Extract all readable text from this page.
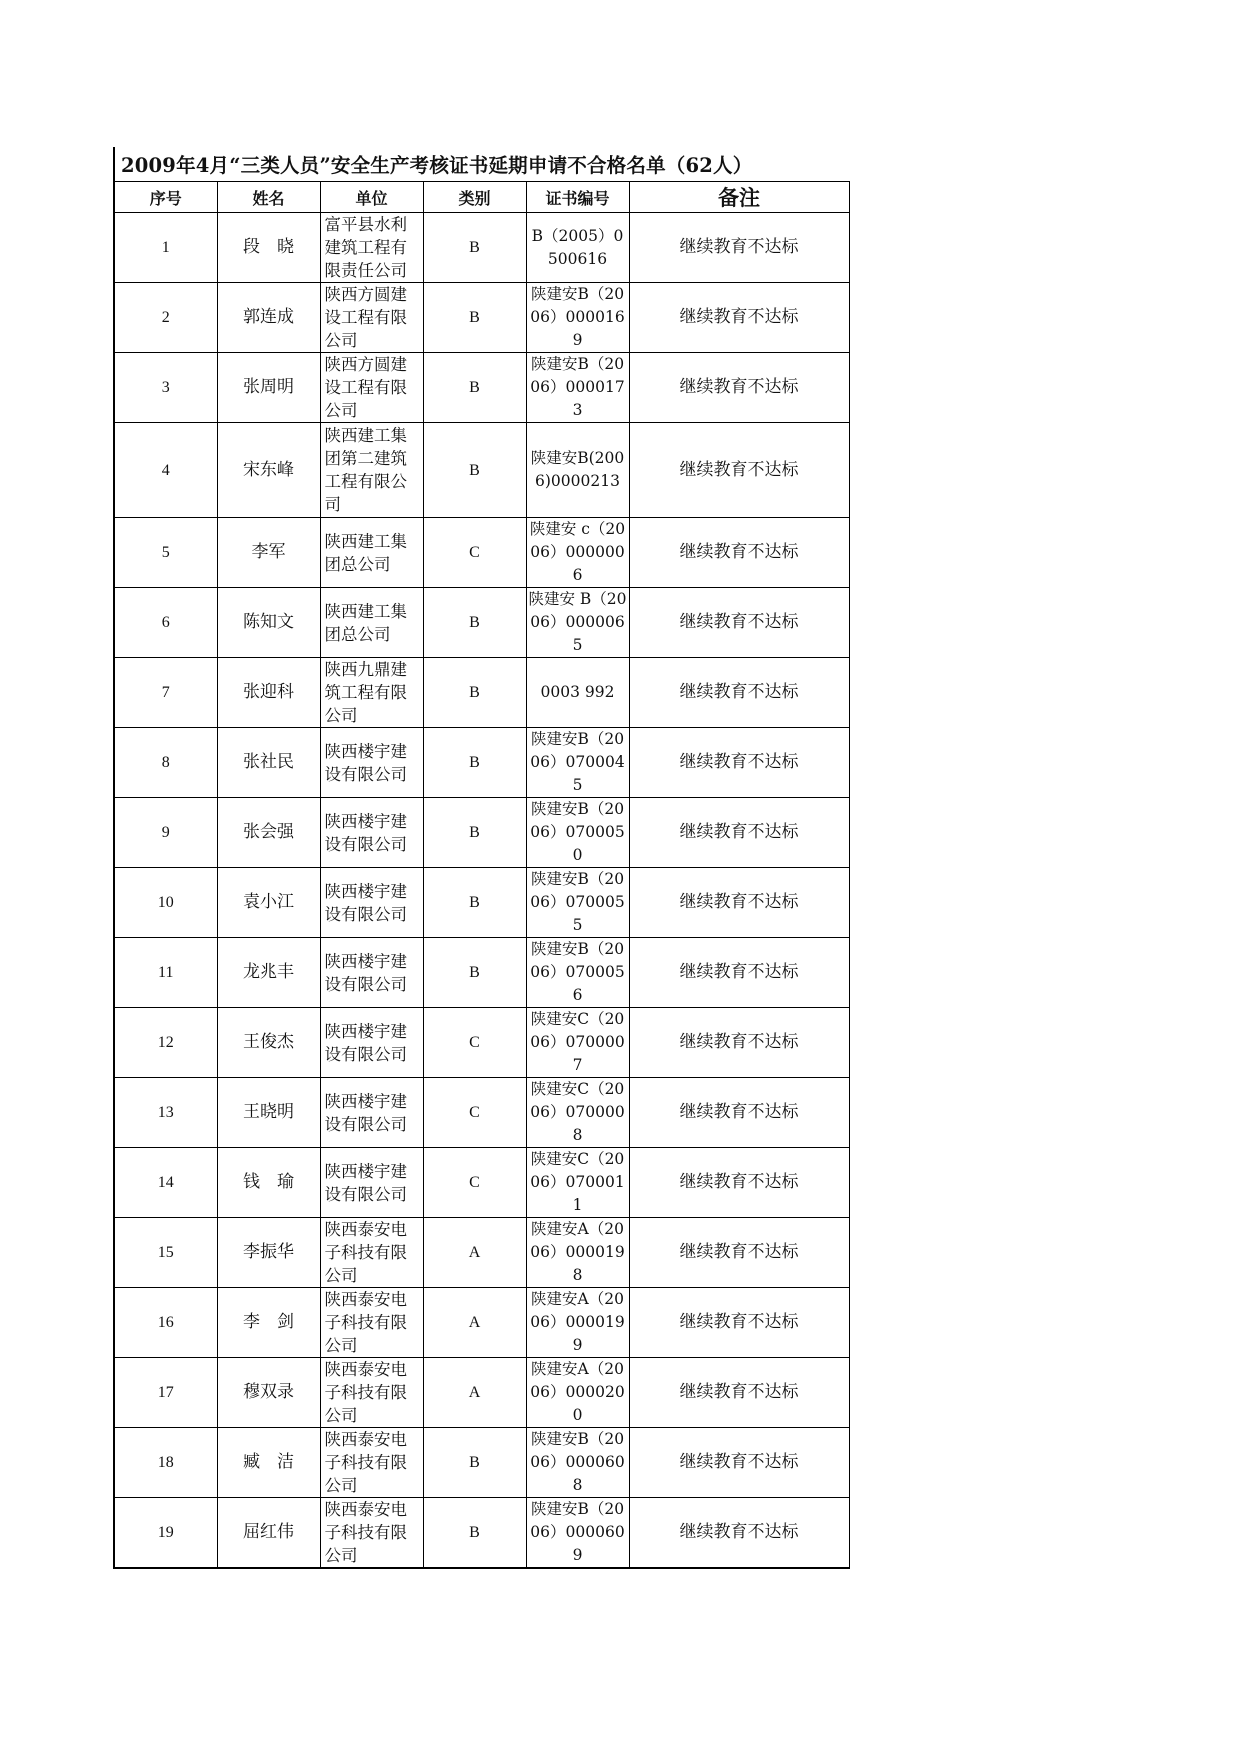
2009年4月“三类人员”安全生产考核证书延期申请不合格名单（62人）
序号	姓名	单位	类别	证书编号	备注
1	段　晓	富平县水利建筑工程有限责任公司	B	B（2005）0500616	继续教育不达标
2	郭连成	陕西方圆建设工程有限公司	B	陕建安B（2006）0000169	继续教育不达标
3	张周明	陕西方圆建设工程有限公司	B	陕建安B（2006）0000173	继续教育不达标
4	宋东峰	陕西建工集团第二建筑工程有限公司	B	陕建安B(2006)0000213	继续教育不达标
5	李军	陕西建工集团总公司	C	陕建安 c（2006）0000006	继续教育不达标
6	陈知文	陕西建工集团总公司	B	陕建安 B（2006）0000065	继续教育不达标
7	张迎科	陕西九鼎建筑工程有限公司	B	0003 992	继续教育不达标
8	张社民	陕西楼宇建设有限公司	B	陕建安B（2006）0700045	继续教育不达标
9	张会强	陕西楼宇建设有限公司	B	陕建安B（2006）0700050	继续教育不达标
10	袁小江	陕西楼宇建设有限公司	B	陕建安B（2006）0700055	继续教育不达标
11	龙兆丰	陕西楼宇建设有限公司	B	陕建安B（2006）0700056	继续教育不达标
12	王俊杰	陕西楼宇建设有限公司	C	陕建安C（2006）0700007	继续教育不达标
13	王晓明	陕西楼宇建设有限公司	C	陕建安C（2006）0700008	继续教育不达标
14	钱　瑜	陕西楼宇建设有限公司	C	陕建安C（2006）0700011	继续教育不达标
15	李振华	陕西泰安电子科技有限公司	A	陕建安A（2006）0000198	继续教育不达标
16	李　剑	陕西泰安电子科技有限公司	A	陕建安A（2006）0000199	继续教育不达标
17	穆双录	陕西泰安电子科技有限公司	A	陕建安A（2006）0000200	继续教育不达标
18	臧　洁	陕西泰安电子科技有限公司	B	陕建安B（2006）0000608	继续教育不达标
19	屈红伟	陕西泰安电子科技有限公司	B	陕建安B（2006）0000609	继续教育不达标
